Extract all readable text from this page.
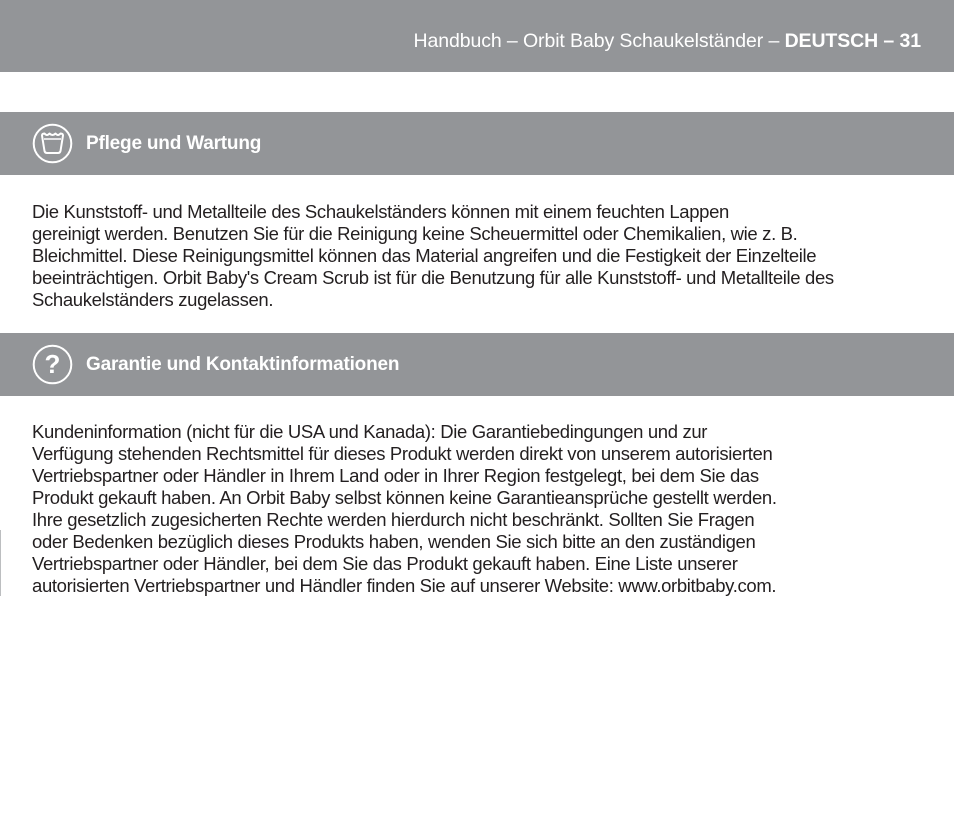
Handbuch – Orbit Baby Schaukelständer – DEUTSCH – 31
Pflege und Wartung
Die Kunststoff- und Metallteile des Schaukelständers können mit einem feuchten Lappen
gereinigt werden. Benutzen Sie für die Reinigung keine Scheuermittel oder Chemikalien, wie z. B.
Bleichmittel. Diese Reinigungsmittel können das Material angreifen und die Festigkeit der Einzelteile
beeinträchtigen. Orbit Baby's Cream Scrub ist für die Benutzung für alle Kunststoff- und Metallteile des
Schaukelständers zugelassen.
? Garantie und Kontaktinformationen
Kundeninformation (nicht für die USA und Kanada): Die Garantiebedingungen und zur
Verfügung stehenden Rechtsmittel für dieses Produkt werden direkt von unserem autorisierten
Vertriebspartner oder Händler in Ihrem Land oder in Ihrer Region festgelegt, bei dem Sie das
Produkt gekauft haben. An Orbit Baby selbst können keine Garantieansprüche gestellt werden.
Ihre gesetzlich zugesicherten Rechte werden hierdurch nicht beschränkt. Sollten Sie Fragen
oder Bedenken bezüglich dieses Produkts haben, wenden Sie sich bitte an den zuständigen
Vertriebspartner oder Händler, bei dem Sie das Produkt gekauft haben. Eine Liste unserer
autorisierten Vertriebspartner und Händler finden Sie auf unserer Website: www.orbitbaby.com.
